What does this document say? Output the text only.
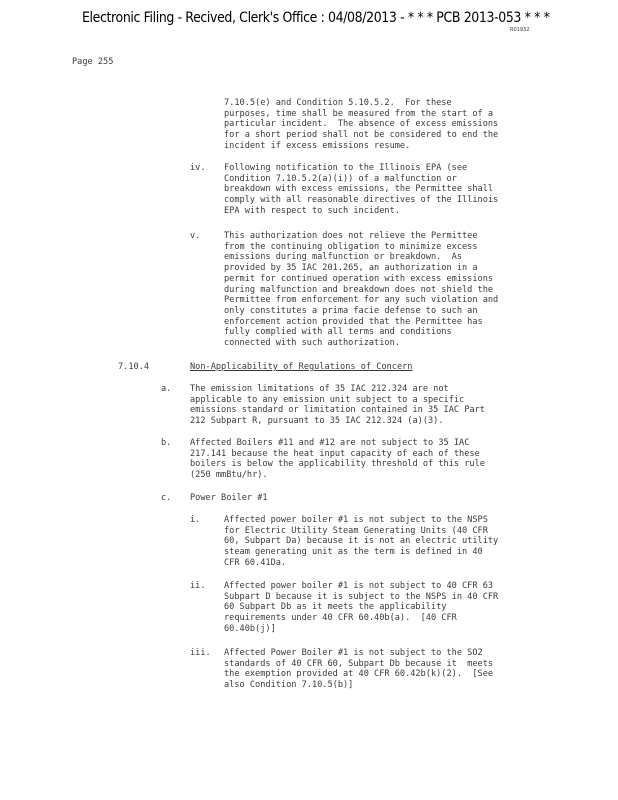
Electronic Filing - Recived, Clerk's Office : 04/08/2013 - * * * PCB 2013-053 * * *
R01932
Page 255
7.10.5(e) and Condition 5.10.5.2.  For these
purposes, time shall be measured from the start of a
particular incident.  The absence of excess emissions
for a short period shall not be considered to end the
incident if excess emissions resume.
iv. Following notification to the Illinois EPA (see
Condition 7.10.5.2(a)(i)) of a malfunction or
breakdown with excess emissions, the Permittee shall
comply with all reasonable directives of the Illinois
EPA with respect to such incident.
v.	This authorization does not relieve the Permittee
from the continuing obligation to minimize excess
emissions during malfunction or breakdown.  As
provided by 35 IAC 201.265, an authorization in a
permit for continued operation with excess emissions
during malfunction and breakdown does not shield the
Permittee from enforcement for any such violation and
only constitutes a prima facie defense to such an
enforcement action provided that the Permittee has
fully complied with all terms and conditions
connected with such authorization.
7.10.4	Non-Applicability of Regulations of Concern
a. The emission limitations of 35 IAC 212.324 are not
applicable to any emission unit subject to a specific
emissions standard or limitation contained in 35 IAC Part
212 Subpart R, pursuant to 35 IAC 212.324 (a)(3).
b. Affected Boilers #11 and #12 are not subject to 35 IAC
217.141 because the heat input capacity of each of these
boilers is below the applicability threshold of this rule
(250 mmBtu/hr).
c. Power Boiler #1
i.	Affected power boiler #1 is not subject to the NSPS
for Electric Utility Steam Generating Units (40 CFR
60, Subpart Da) because it is not an electric utility
steam generating unit as the term is defined in 40
CFR 60.41Da.
ii. Affected power boiler #1 is not subject to 40 CFR 63
Subpart D because it is subject to the NSPS in 40 CFR
60 Subpart Db as it meets the applicability
requirements under 40 CFR 60.40b(a).  [40 CFR
60.40b(j)]
iii. Affected Power Boiler #1 is not subject to the SO2
standards of 40 CFR 60, Subpart Db because it  meets
the exemption provided at 40 CFR 60.42b(k)(2).  [See
also Condition 7.10.5(b)]
